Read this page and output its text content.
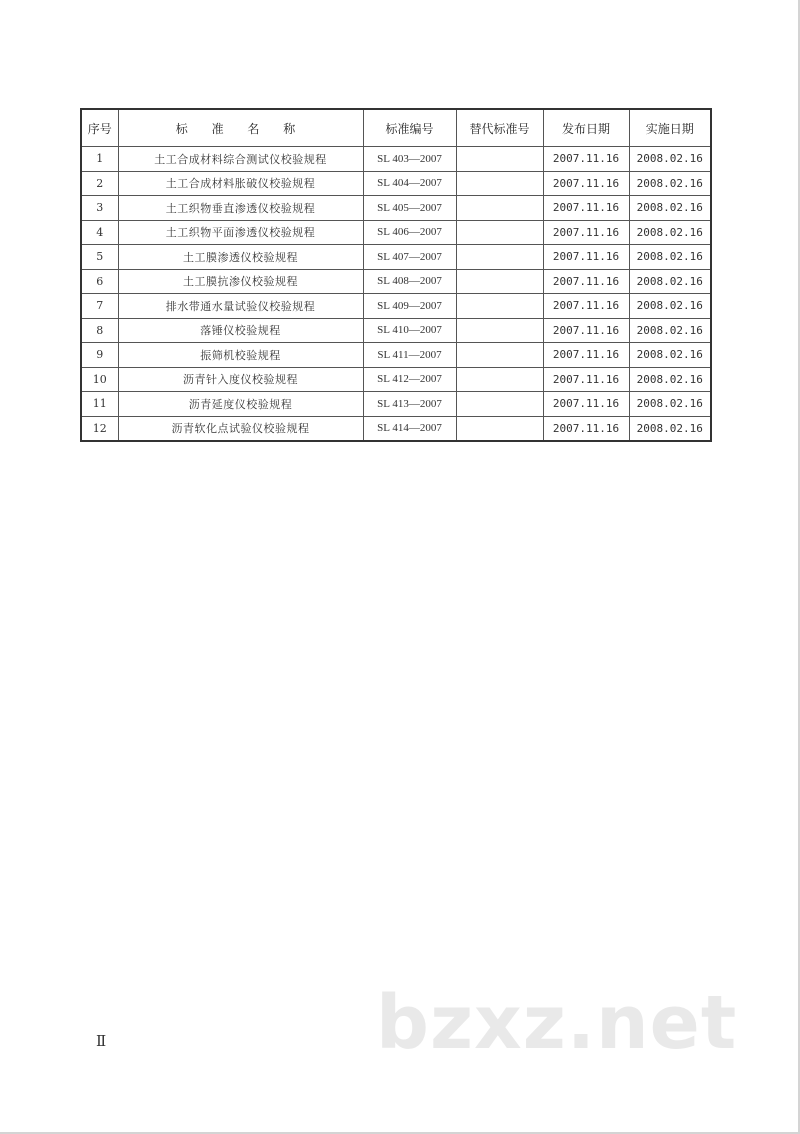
序号	标 准 名 称	标准编号	替代标准号	发布日期	实施日期
1	土工合成材料综合测试仪校验规程	SL 403—2007		2007.11.16	2008.02.16
2	土工合成材料胀破仪校验规程	SL 404—2007		2007.11.16	2008.02.16
3	土工织物垂直渗透仪校验规程	SL 405—2007		2007.11.16	2008.02.16
4	土工织物平面渗透仪校验规程	SL 406—2007		2007.11.16	2008.02.16
5	土工膜渗透仪校验规程	SL 407—2007		2007.11.16	2008.02.16
6	土工膜抗渗仪校验规程	SL 408—2007		2007.11.16	2008.02.16
7	排水带通水量试验仪校验规程	SL 409—2007		2007.11.16	2008.02.16
8	落锤仪校验规程	SL 410—2007		2007.11.16	2008.02.16
9	振筛机校验规程	SL 411—2007		2007.11.16	2008.02.16
10	沥青针入度仪校验规程	SL 412—2007		2007.11.16	2008.02.16
11	沥青延度仪校验规程	SL 413—2007		2007.11.16	2008.02.16
12	沥青软化点试验仪校验规程	SL 414—2007		2007.11.16	2008.02.16
Ⅱ	bzxz.net
